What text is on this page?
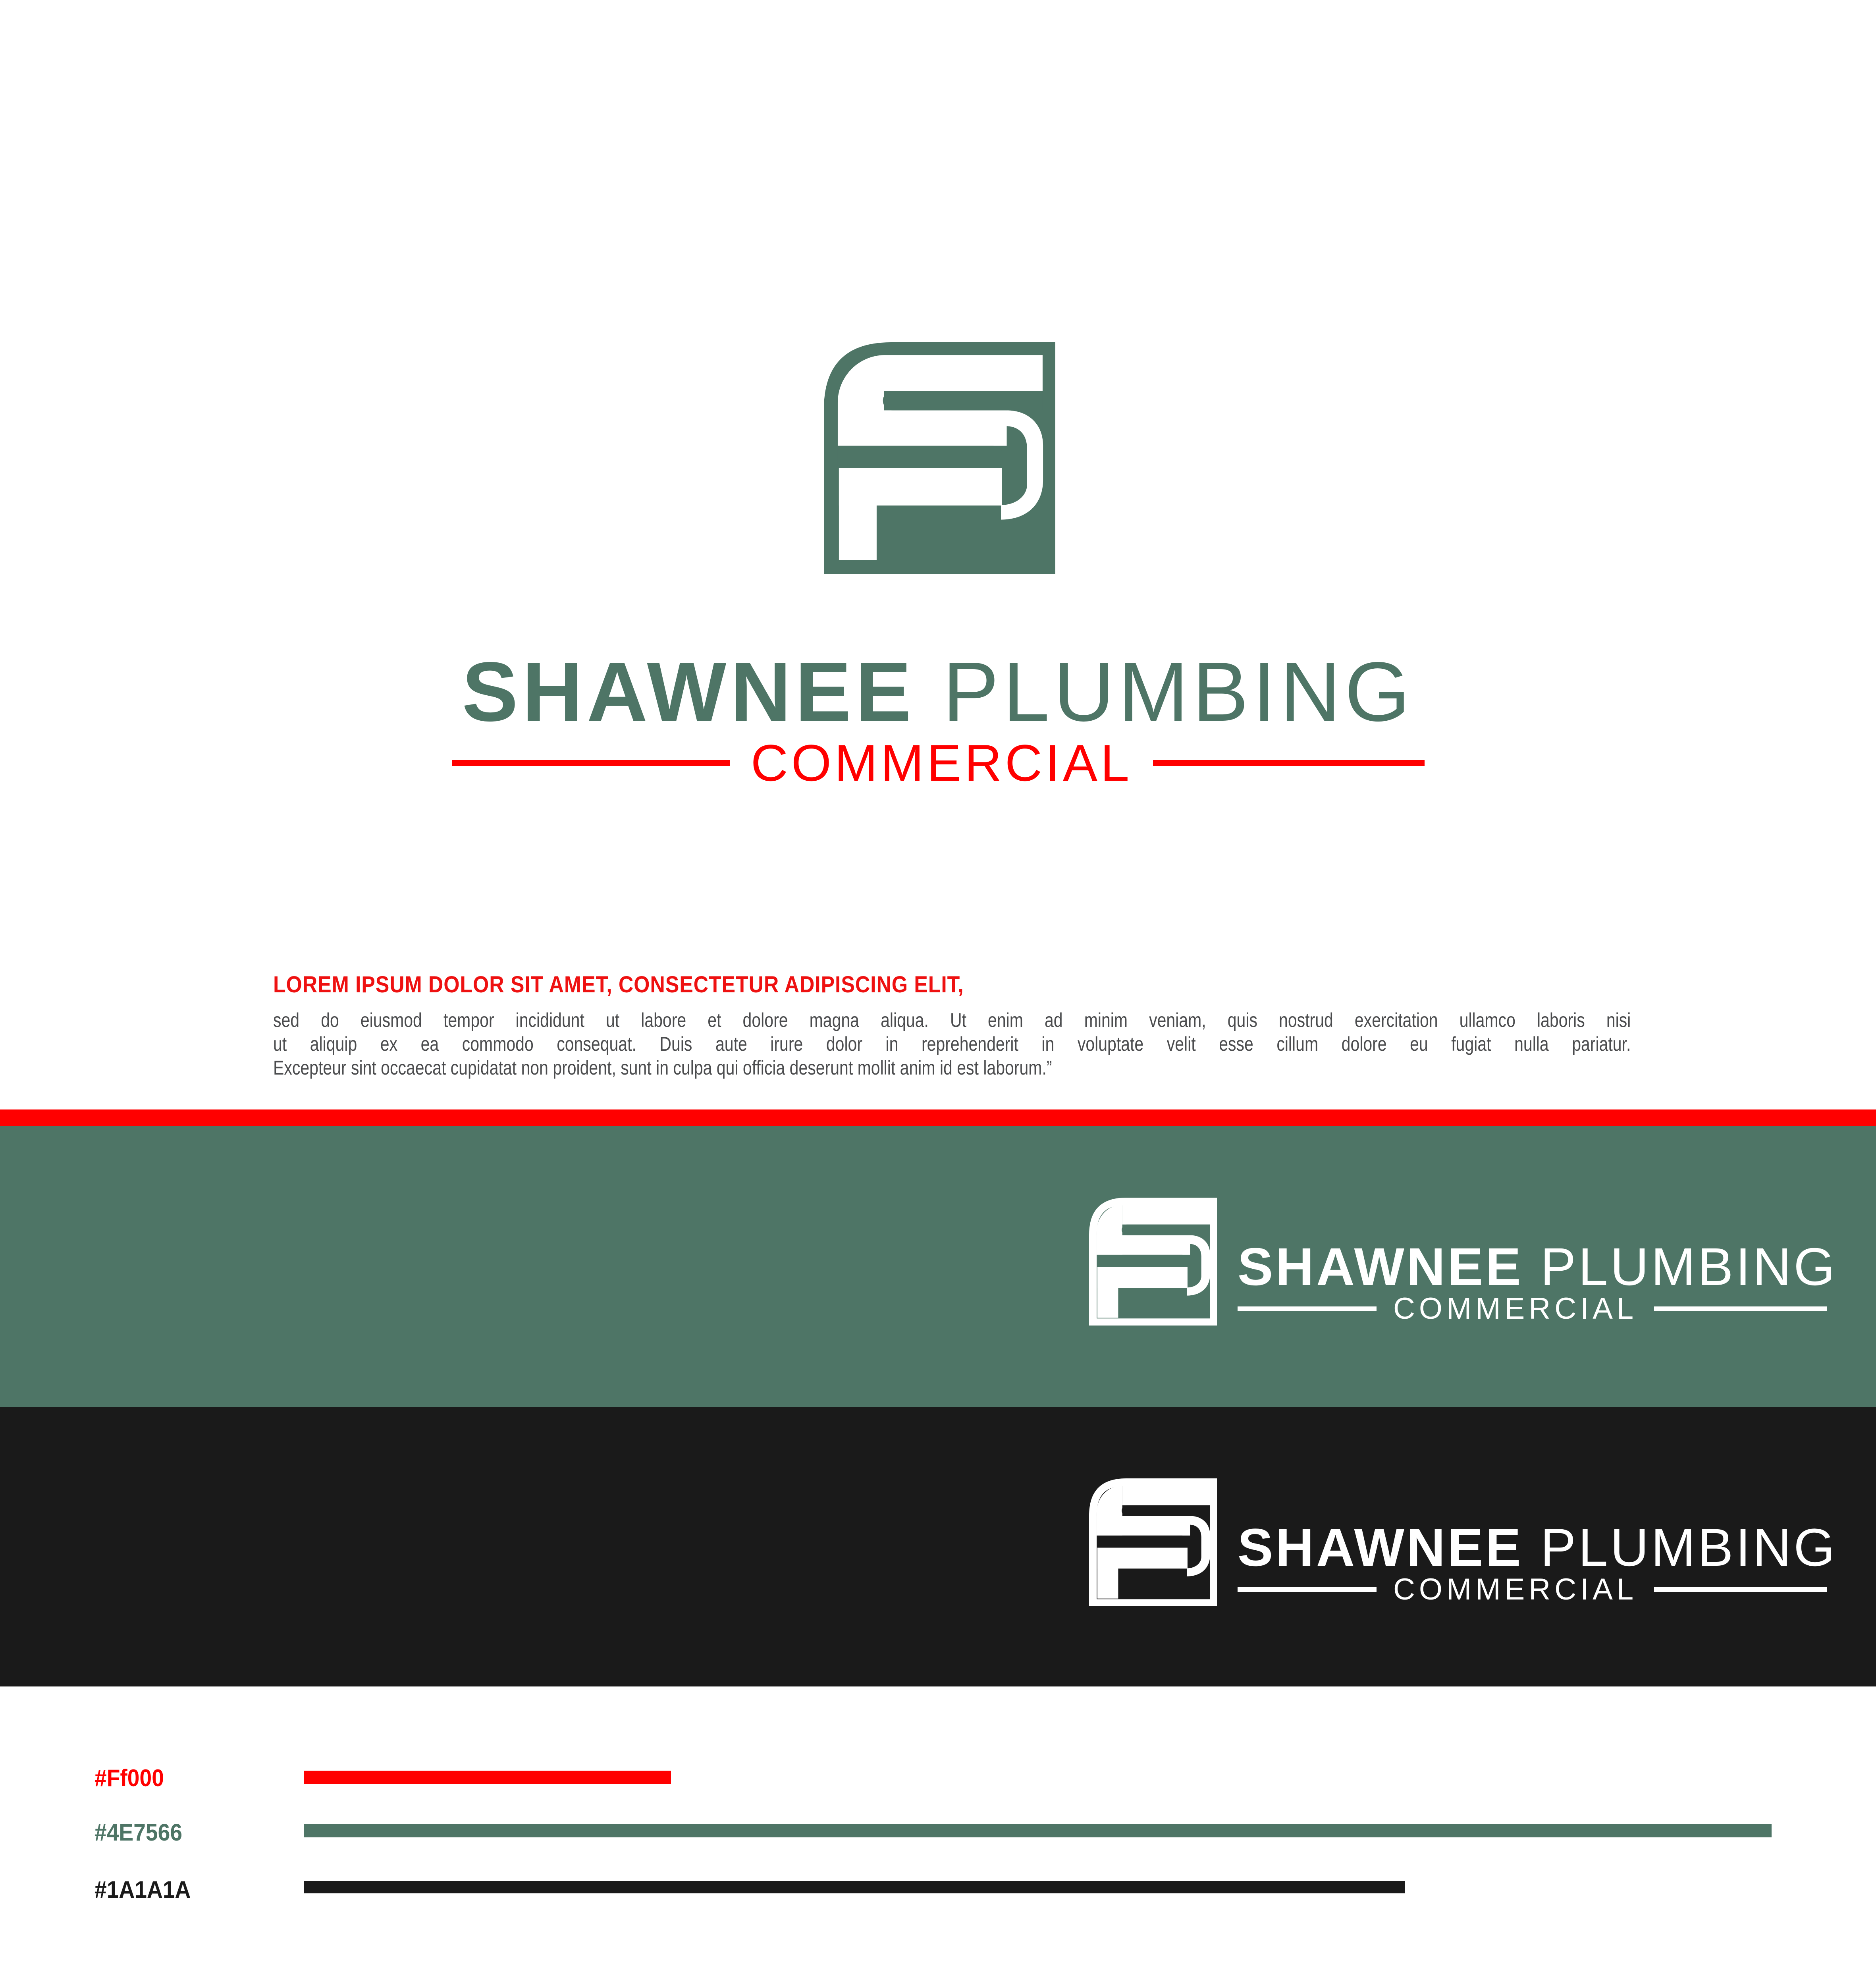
SHAWNEE PLUMBING
COMMERCIAL
LOREM IPSUM DOLOR SIT AMET, CONSECTETUR ADIPISCING ELIT,
sed do eiusmod tempor incididunt ut labore et dolore magna aliqua. Ut enim ad minim veniam, quis nostrud exercitation ullamco laboris nisi
ut aliquip ex ea commodo consequat. Duis aute irure dolor in reprehenderit in voluptate velit esse cillum dolore eu fugiat nulla pariatur.
Excepteur sint occaecat cupidatat non proident, sunt in culpa qui officia deserunt mollit anim id est laborum.”
SHAWNEE PLUMBING
COMMERCIAL
SHAWNEE PLUMBING
COMMERCIAL
#Ff000
#4E7566
#1A1A1A
